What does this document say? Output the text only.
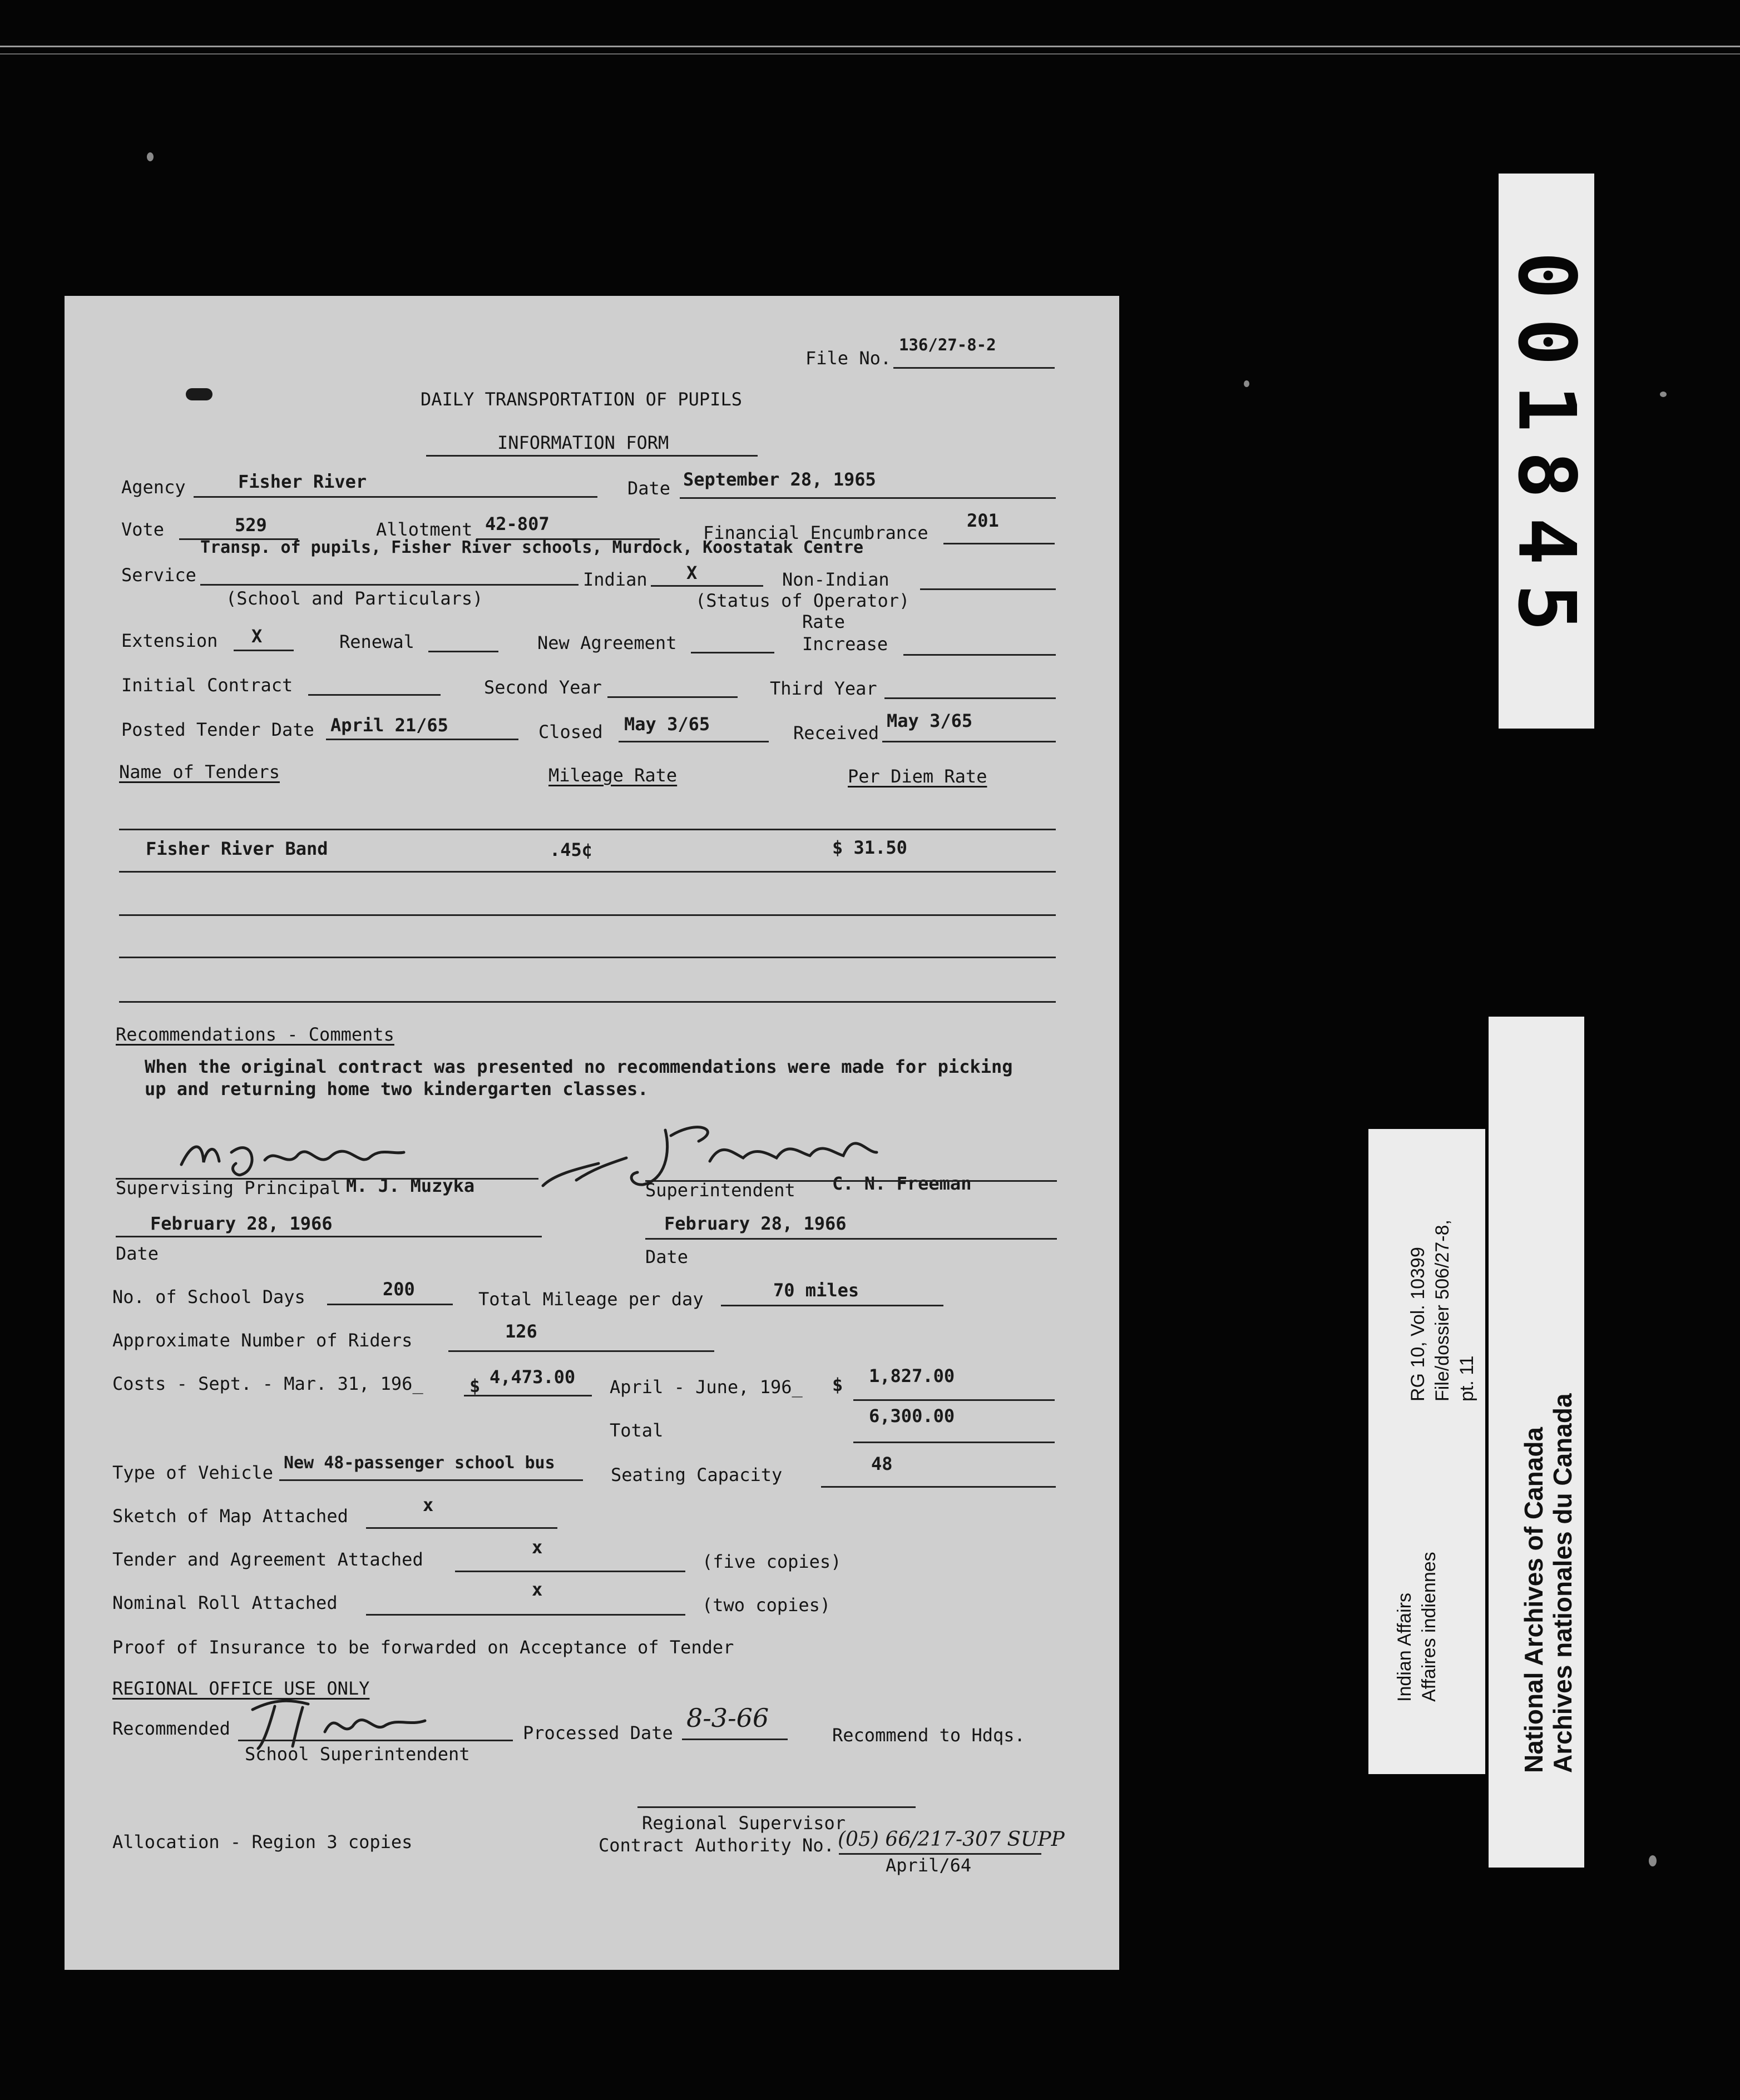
File No.
136/27-8-2
DAILY TRANSPORTATION OF PUPILS
INFORMATION FORM
Agency	Fisher River	Date September 28, 1965
Vote	529	Allotment 42-807	Financial Encumbrance
201
Transp. of pupils, Fisher River schools, Murdock, Koostatak Centre
Service
(School and Particulars)
Indian X	Non-Indian
(Status of Operator)
Extension X	Renewal	New Agreement
Rate
Increase
Initial Contract	Second Year	Third Year
Posted Tender Date April 21/65	Closed May 3/65	Received
May 3/65
Name of Tenders	Mileage Rate	Per Diem Rate
Fisher River Band	.45¢	$ 31.50
Recommendations - Comments
When the original contract was presented no recommendations were made for picking
up and returning home two kindergarten classes.
Supervising Principal M. J. Muzyka
February 28, 1966
Date
Superintendent C. N. Freeman
February 28, 1966
Date
No. of School Days	200	Total Mileage per day	70 miles
Approximate Number of Riders	126
Costs - Sept. - Mar. 31, 196_	$ 4,473.00 April - June, 196_ $ 1,827.00
6,300.00
Total
Type of Vehicle New 48-passenger school bus
Seating Capacity
48
Sketch of Map Attached
x
Tender and Agreement Attached
x
(five copies)
Nominal Roll Attached
x
(two copies)
Proof of Insurance to be forwarded on Acceptance of Tender
REGIONAL OFFICE USE ONLY
Recommended
School Superintendent
Processed Date 8-3-66
Recommend to Hdqs.
Regional Supervisor
Allocation - Region 3 copies	Contract Authority No. (05) 66/217-307 SUPP
April/64
001845
Indian Affairs Affaires indiennes
RG 10, Vol. 10399 File/dossier 506/27-8, pt. 11
National Archives of Canada Archives nationales du Canada
